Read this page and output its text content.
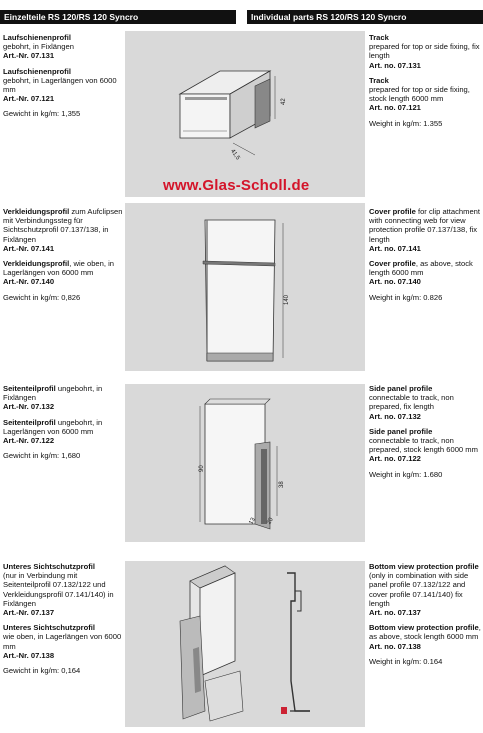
Einzelteile RS 120/RS 120 Syncro	Individual parts RS 120/RS 120 Syncro

Laufschienenprofil
gebohrt, in Fixlängen
Art.-Nr. 07.131

Laufschienenprofil
gebohrt, in Lagerlängen von 6000 mm
Art.-Nr. 07.121

Gewicht in kg/m: 1,355

Track
prepared for top or side fixing, fix length
Art. no. 07.131

Track
prepared for top or side fixing, stock length 6000 mm
Art. no. 07.121

Weight in kg/m: 1.355

42
41,5
www.Glas-Scholl.de

Verkleidungsprofil zum Aufclipsen mit Verbindungssteg für Sichtschutzprofil 07.137/138, in Fixlängen
Art.-Nr. 07.141

Verkleidungsprofil, wie oben, in Lagerlängen von 6000 mm
Art.-Nr. 07.140

Gewicht in kg/m: 0,826

Cover profile for clip attachment with connecting web for view protection profile 07.137/138, fix length
Art. no. 07.141

Cover profile, as above, stock length 6000 mm
Art. no. 07.140

Weight in kg/m: 0.826

140

Seitenteilprofil ungebohrt, in Fixlängen
Art.-Nr. 07.132

Seitenteilprofil ungebohrt, in Lagerlängen von 6000 mm
Art.-Nr. 07.122

Gewicht in kg/m: 1,680

Side panel profile
connectable to track, non prepared, fix length
Art. no. 07.132

Side panel profile
connectable to track, non prepared, stock length 6000 mm
Art. no. 07.122

Weight in kg/m: 1.680

90
38
13 20

Unteres Sichtschutzprofil
(nur in Verbindung mit Seitenteilprofil 07.132/122 und Verkleidungsprofil 07.141/140) in Fixlängen
Art.-Nr. 07.137

Unteres Sichtschutzprofil
wie oben, in Lagerlängen von 6000 mm
Art.-Nr. 07.138

Gewicht in kg/m: 0,164

Bottom view protection profile (only in combination with side panel profile 07.132/122 and cover profile 07.141/140) fix length
Art. no. 07.137

Bottom view protection profile, as above, stock length 6000 mm
Art. no. 07.138

Weight in kg/m: 0.164
